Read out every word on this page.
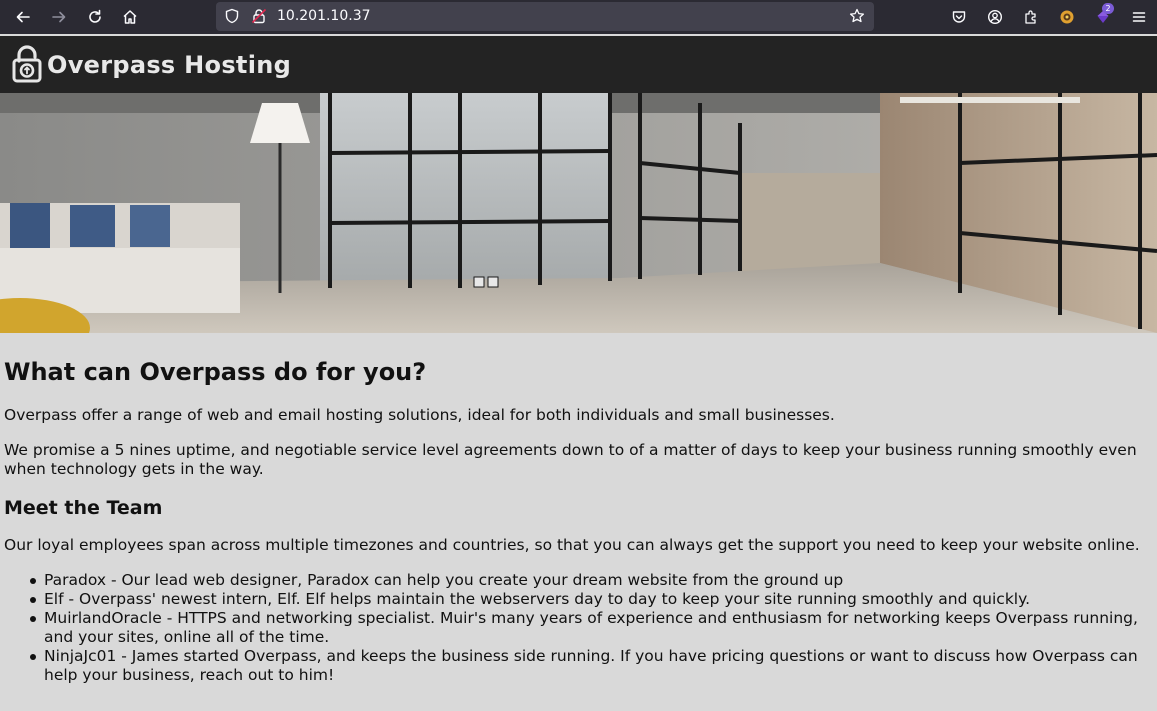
10.201.10.37	2
Overpass Hosting
What can Overpass do for you?

Overpass offer a range of web and email hosting solutions, ideal for both individuals and small businesses.

We promise a 5 nines uptime, and negotiable service level agreements down to of a matter of days to keep your business running smoothly even when technology gets in the way.

Meet the Team

Our loyal employees span across multiple timezones and countries, so that you can always get the support you need to keep your website online.

Paradox - Our lead web designer, Paradox can help you create your dream website from the ground up
Elf - Overpass' newest intern, Elf. Elf helps maintain the webservers day to day to keep your site running smoothly and quickly.
MuirlandOracle - HTTPS and networking specialist. Muir's many years of experience and enthusiasm for networking keeps Overpass running, and your sites, online all of the time.
NinjaJc01 - James started Overpass, and keeps the business side running. If you have pricing questions or want to discuss how Overpass can help your business, reach out to him!
